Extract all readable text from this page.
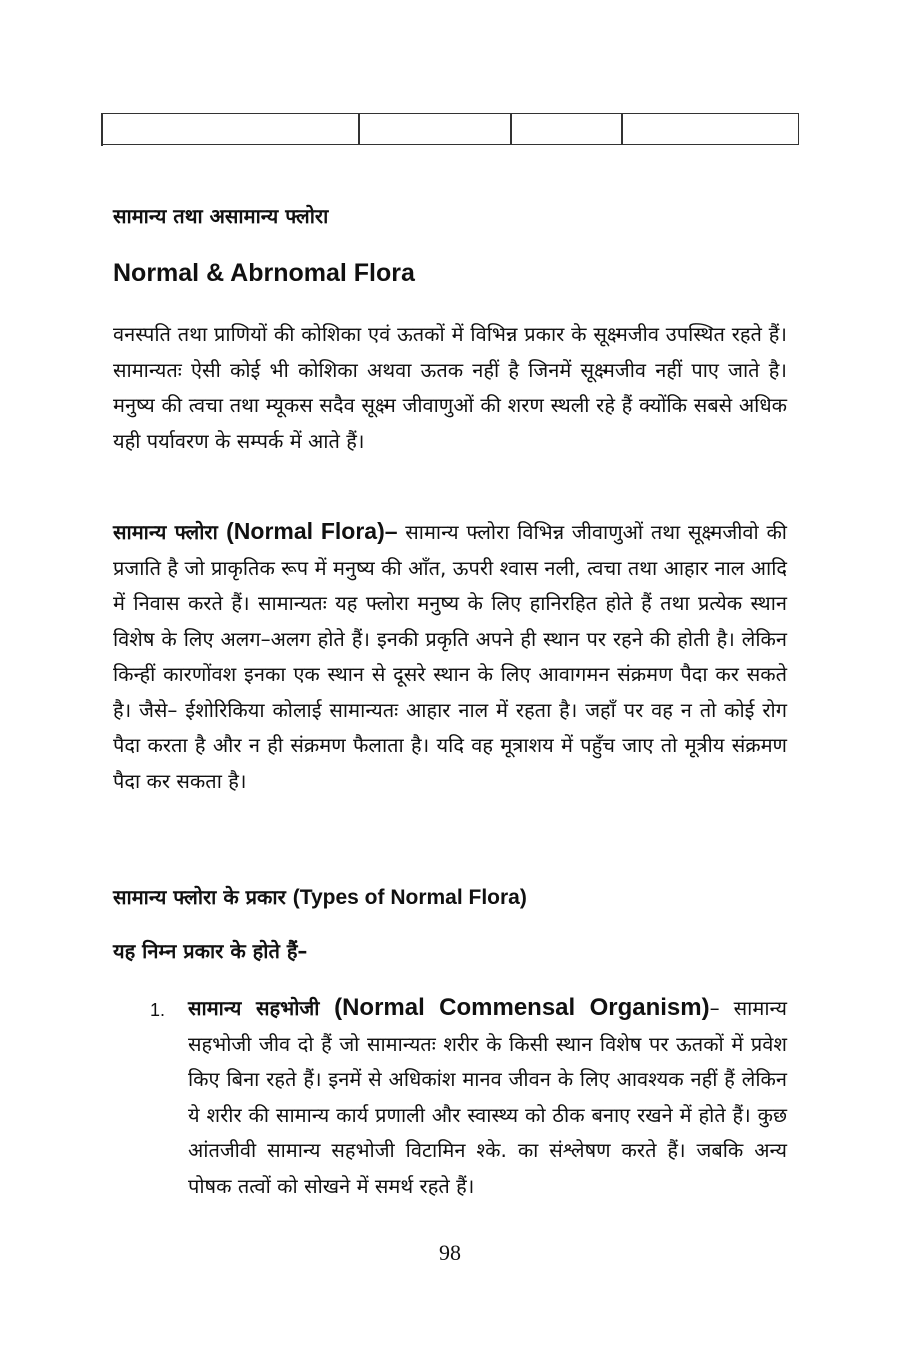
सामान्य तथा असामान्य फ्लोरा
Normal & Abrnomal Flora

वनस्पति तथा प्राणियों की कोशिका एवं ऊतकों में विभिन्न प्रकार के सूक्ष्मजीव उपस्थित रहते हैं। सामान्यतः ऐसी कोई भी कोशिका अथवा ऊतक नहीं है जिनमें सूक्ष्मजीव नहीं पाए जाते है। मनुष्य की त्वचा तथा म्यूकस सदैव सूक्ष्म जीवाणुओं की शरण स्थली रहे हैं क्योंकि सबसे अधिक यही पर्यावरण के सम्पर्क में आते हैं।

सामान्य फ्लोरा (Normal Flora)– सामान्य फ्लोरा विभिन्न जीवाणुओं तथा सूक्ष्मजीवो की प्रजाति है जो प्राकृतिक रूप में मनुष्य की आँत, ऊपरी श्वास नली, त्वचा तथा आहार नाल आदि में निवास करते हैं। सामान्यतः यह फ्लोरा मनुष्य के लिए हानिरहित होते हैं तथा प्रत्येक स्थान विशेष के लिए अलग–अलग होते हैं। इनकी प्रकृति अपने ही स्थान पर रहने की होती है। लेकिन किन्हीं कारणोंवश इनका एक स्थान से दूसरे स्थान के लिए आवागमन संक्रमण पैदा कर सकते है। जैसे– ईशोरिकिया कोलाई सामान्यतः आहार नाल में रहता है। जहाँ पर वह न तो कोई रोग पैदा करता है और न ही संक्रमण फैलाता है। यदि वह मूत्राशय में पहुँच जाए तो मूत्रीय संक्रमण पैदा कर सकता है।

सामान्य फ्लोरा के प्रकार (Types of Normal Flora)
यह निम्न प्रकार के होते हैं–
1. सामान्य सहभोजी (Normal Commensal Organism)– सामान्य सहभोजी जीव दो हैं जो सामान्यतः शरीर के किसी स्थान विशेष पर ऊतकों में प्रवेश किए बिना रहते हैं। इनमें से अधिकांश मानव जीवन के लिए आवश्यक नहीं हैं लेकिन ये शरीर की सामान्य कार्य प्रणाली और स्वास्थ्य को ठीक बनाए रखने में होते हैं। कुछ आंतजीवी सामान्य सहभोजी विटामिन श्के. का संश्लेषण करते हैं। जबकि अन्य पोषक तत्वों को सोखने में समर्थ रहते हैं।

98
